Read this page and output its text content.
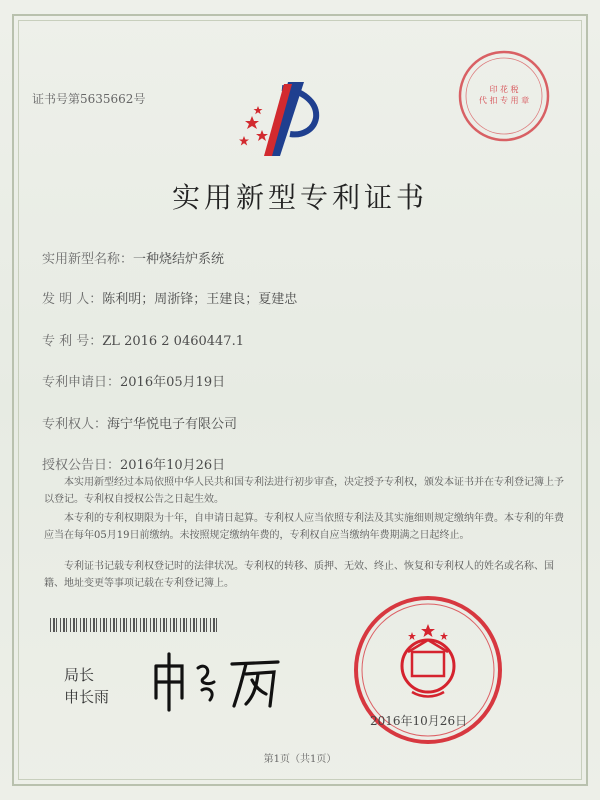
证书号第5635662号
印 花 税
代 扣 专 用 章
实用新型专利证书
实用新型名称：一种烧结炉系统
发 明 人：陈利明；周浙锋；王建良；夏建忠
专 利 号：ZL 2016 2 0460447.1
专利申请日：2016年05月19日
专利权人：海宁华悦电子有限公司
授权公告日：2016年10月26日
本实用新型经过本局依照中华人民共和国专利法进行初步审查，决定授予专利权，颁发本证书并在专利登记簿上予以登记。专利权自授权公告之日起生效。
本专利的专利权期限为十年，自申请日起算。专利权人应当依照专利法及其实施细则规定缴纳年费。本专利的年费应当在每年05月19日前缴纳。未按照规定缴纳年费的，专利权自应当缴纳年费期满之日起终止。
专利证书记载专利权登记时的法律状况。专利权的转移、质押、无效、终止、恢复和专利权人的姓名或名称、国籍、地址变更等事项记载在专利登记簿上。
局长
申长雨
2016年10月26日
第1页（共1页）
